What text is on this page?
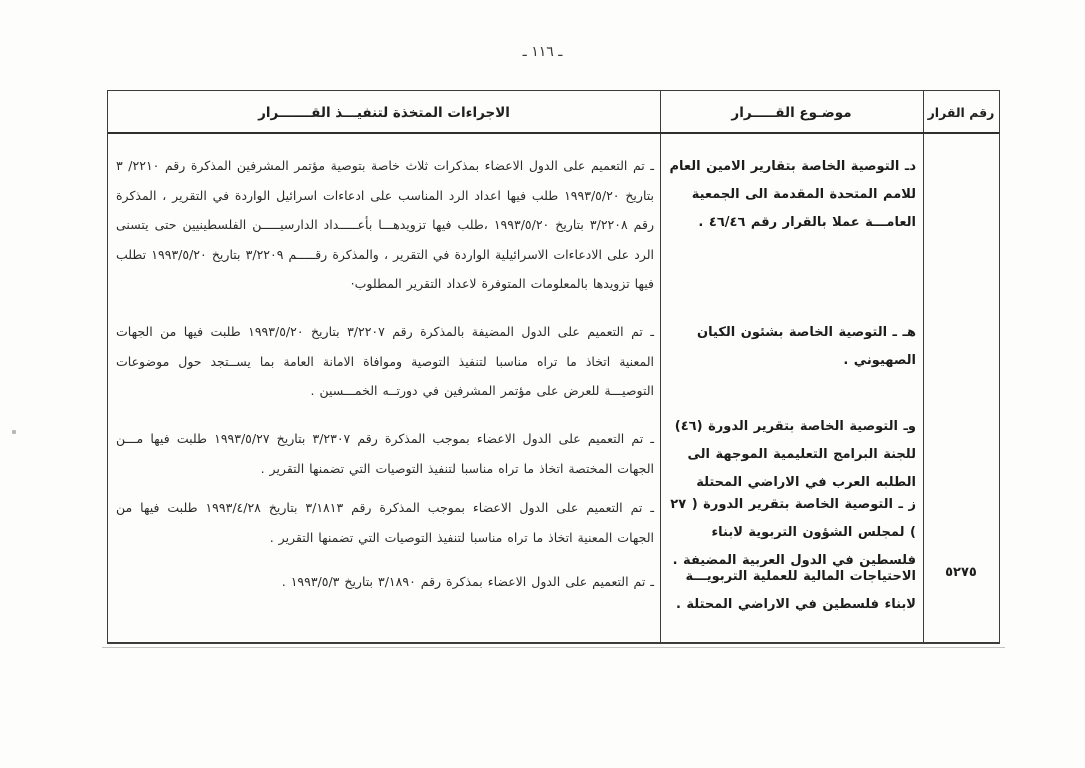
ـ ١١٦ ـ
الاجراءات المتخذة لتنفيـــذ القـــــــرار	موضـوع القـــــرار	رقم القرار
دـ التوصية الخاصة بتقارير الامين العام للامم المتحدة المقدمة الى الجمعية العامـــة عملا بالقرار رقم ٤٦/٤٦ .
هـ ـ التوصية الخاصة بشئون الكيان الصهيوني .
وـ التوصية الخاصة بتقرير الدورة (٤٦) للجنة البرامج التعليمية الموجهة الى الطلبه العرب في الاراضي المحتلة
ز ـ التوصية الخاصة بتقرير الدورة ( ٢٧ ) لمجلس الشؤون التربوية لابناء فلسطين في الدول العربية المضيفة .
الاحتياجات المالية للعملية التربويـــة لابناء فلسطين في الاراضي المحتلة .
ـ تم التعميم على الدول الاعضاء بمذكرات ثلاث خاصة بتوصية مؤتمر المشرفين المذكرة رقم ٢٢١٠/ ٣ بتاريخ ١٩٩٣/٥/٢٠ طلب فيها اعداد الرد المناسب على ادعاءات اسرائيل الواردة في التقرير ، المذكرة رقم ٣/٢٢٠٨ بتاريخ ١٩٩٣/٥/٢٠ ،طلب فيها تزويدهـــا بأعـــــداد الدارسيـــــن الفلسطينيين حتى يتسنى الرد على الادعاءات الاسرائيلية الواردة في التقرير ، والمذكرة رقـــــم ٣/٢٢٠٩ بتاريخ ١٩٩٣/٥/٢٠ تطلب فيها تزويدها بالمعلومات المتوفرة لاعداد التقرير المطلوب·
ـ تم التعميم على الدول المضيفة بالمذكرة رقم ٣/٢٢٠٧ بتاريخ ١٩٩٣/٥/٢٠ طلبت فيها من الجهات المعنية اتخاذ ما تراه مناسبا لتنفيذ التوصية وموافاة الامانة العامة بما يســتجد حول موضوعات التوصيـــة للعرض على مؤتمر المشرفين في دورتــه الخمـــسين .
ـ تم التعميم على الدول الاعضاء بموجب المذكرة رقم ٣/٢٣٠٧ بتاريخ ١٩٩٣/٥/٢٧ طلبت فيها مـــن الجهات المختصة اتخاذ ما تراه مناسبا لتنفيذ التوصيات التي تضمنها التقرير .
ـ تم التعميم على الدول الاعضاء بموجب المذكرة رقم ٣/١٨١٣ بتاريخ ١٩٩٣/٤/٢٨ طلبت فيها من الجهات المعنية اتخاذ ما تراه مناسبا لتنفيذ التوصيات التي تضمنها التقرير .
ـ تم التعميم على الدول الاعضاء بمذكرة رقم ٣/١٨٩٠ بتاريخ ١٩٩٣/٥/٣ .
٥٢٧٥
